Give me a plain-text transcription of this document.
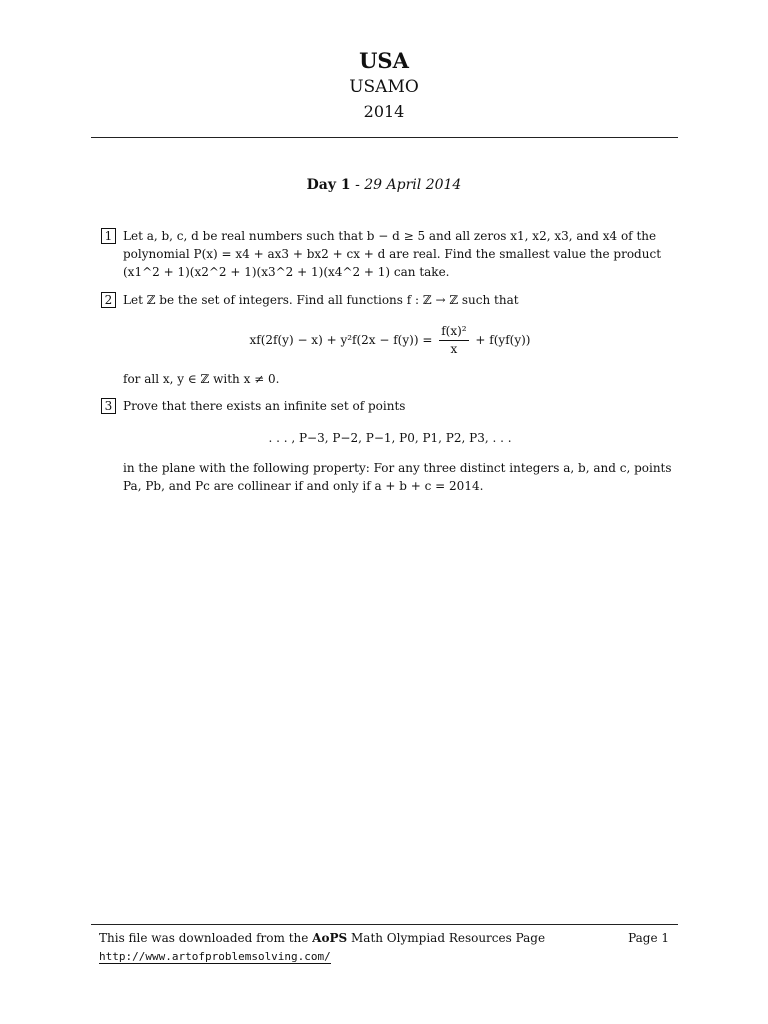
USA
USAMO
2014
Day 1 - 29 April 2014
1 Let a, b, c, d be real numbers such that b − d ≥ 5 and all zeros x1, x2, x3, and x4 of the polynomial P(x) = x4 + ax3 + bx2 + cx + d are real. Find the smallest value the product (x1^2 + 1)(x2^2 + 1)(x3^2 + 1)(x4^2 + 1) can take.

2 Let ℤ be the set of integers. Find all functions f : ℤ → ℤ such that

$xf(2f(y) - x) + y^2f(2x - f(y)) = \frac{\text{f(x)²}}{x} + f(yf(y))$

for all x, y ∈ ℤ with x ≠ 0.

3 Prove that there exists an infinite set of points

. . . , P−3, P−2, P−1, P0, P1, P2, P3, . . .

in the plane with the following property: For any three distinct integers a, b, and c, points Pa, Pb, and Pc are collinear if and only if a + b + c = 2014.

This file was downloaded from the AoPS Math Olympiad Resources Page	Page 1
http://www.artofproblemsolving.com/
